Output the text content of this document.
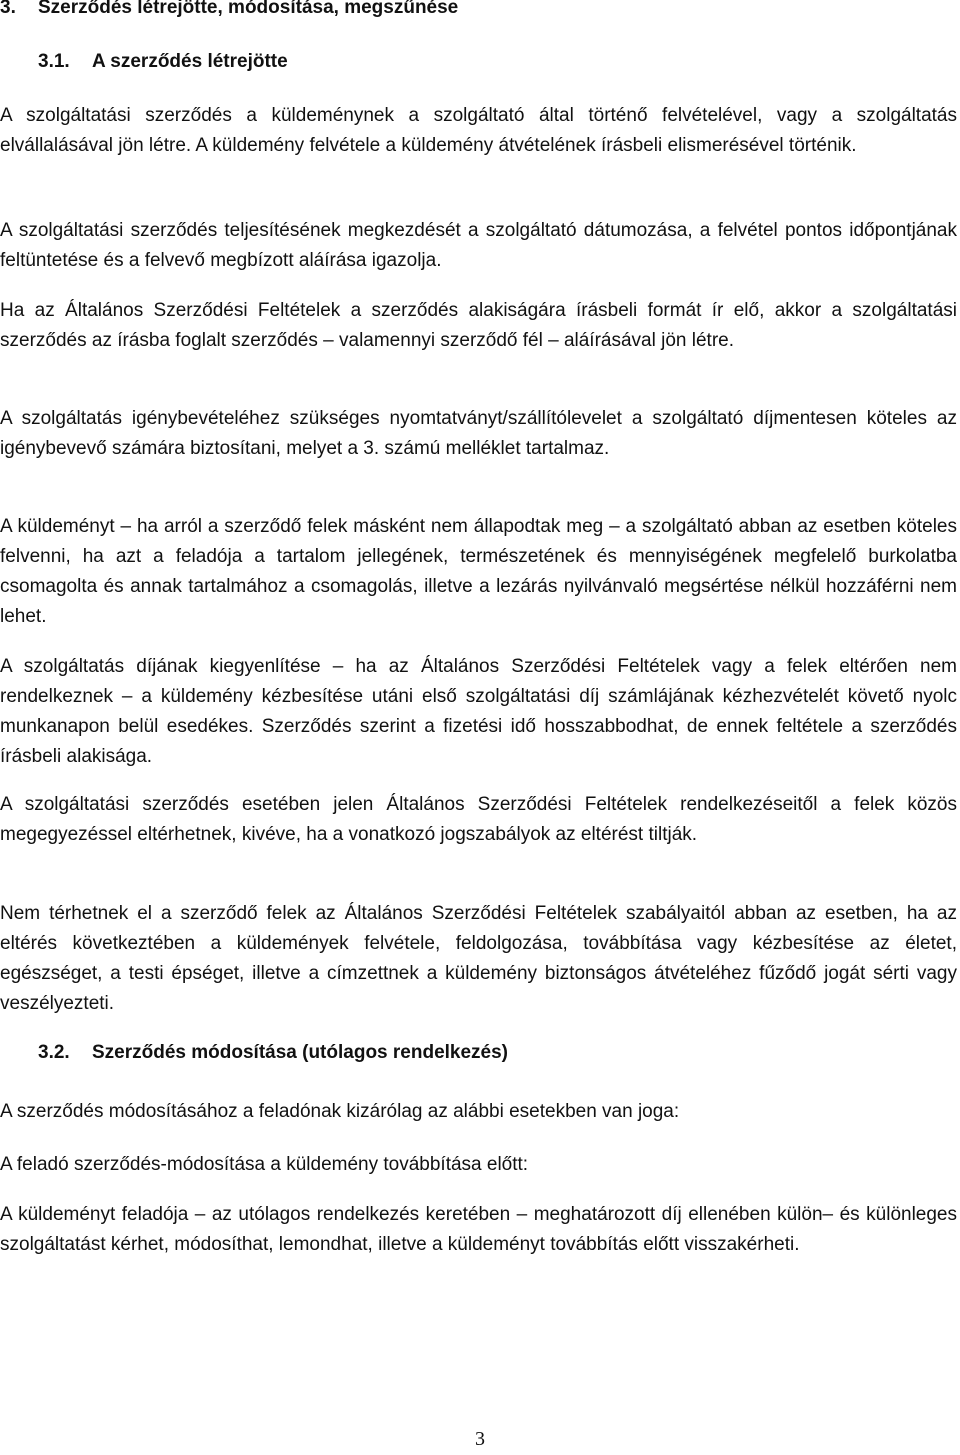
3. Szerződés létrejötte, módosítása, megszűnése
3.1. A szerződés létrejötte

A szolgáltatási szerződés a küldeménynek a szolgáltató által történő felvételével, vagy a szolgáltatás elvállalásával jön létre. A küldemény felvétele a küldemény átvételének írásbeli elismerésével történik.

A szolgáltatási szerződés teljesítésének megkezdését a szolgáltató dátumozása, a felvétel pontos időpontjának feltüntetése és a felvevő megbízott aláírása igazolja.

Ha az Általános Szerződési Feltételek a szerződés alakiságára írásbeli formát ír elő, akkor a szolgáltatási szerződés az írásba foglalt szerződés – valamennyi szerződő fél – aláírásával jön létre.

A szolgáltatás igénybevételéhez szükséges nyomtatványt/szállítólevelet a szolgáltató díjmentesen köteles az igénybevevő számára biztosítani, melyet a 3. számú melléklet tartalmaz.

A küldeményt – ha arról a szerződő felek másként nem állapodtak meg – a szolgáltató abban az esetben köteles felvenni, ha azt a feladója a tartalom jellegének, természetének és mennyiségének megfelelő burkolatba csomagolta és annak tartalmához a csomagolás, illetve a lezárás nyilvánvaló megsértése nélkül hozzáférni nem lehet.

A szolgáltatás díjának kiegyenlítése – ha az Általános Szerződési Feltételek vagy a felek eltérően nem rendelkeznek – a küldemény kézbesítése utáni első szolgáltatási díj számlájának kézhezvételét követő nyolc munkanapon belül esedékes. Szerződés szerint a fizetési idő hosszabbodhat, de ennek feltétele a szerződés írásbeli alakisága.

A szolgáltatási szerződés esetében jelen Általános Szerződési Feltételek rendelkezéseitől a felek közös megegyezéssel eltérhetnek, kivéve, ha a vonatkozó jogszabályok az eltérést tiltják.

Nem térhetnek el a szerződő felek az Általános Szerződési Feltételek szabályaitól abban az esetben, ha az eltérés következtében a küldemények felvétele, feldolgozása, továbbítása vagy kézbesítése az életet, egészséget, a testi épséget, illetve a címzettnek a küldemény biztonságos átvételéhez fűződő jogát sérti vagy veszélyezteti.

3.2. Szerződés módosítása (utólagos rendelkezés)

A szerződés módosításához a feladónak kizárólag az alábbi esetekben van joga:

A feladó szerződés-módosítása a küldemény továbbítása előtt:

A küldeményt feladója – az utólagos rendelkezés keretében – meghatározott díj ellenében külön– és különleges szolgáltatást kérhet, módosíthat, lemondhat, illetve a küldeményt továbbítás előtt visszakérheti.

3
